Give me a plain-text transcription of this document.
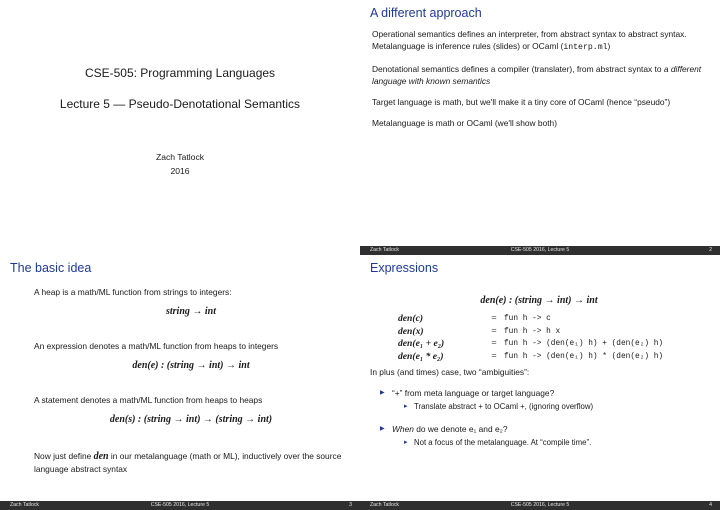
CSE-505: Programming Languages
Lecture 5 — Pseudo-Denotational Semantics
Zach Tatlock
2016
A different approach
Operational semantics defines an interpreter, from abstract syntax to abstract syntax. Metalanguage is inference rules (slides) or OCaml (interp.ml)
Denotational semantics defines a compiler (translater), from abstract syntax to a different language with known semantics
Target language is math, but we'll make it a tiny core of OCaml (hence “pseudo”)
Metalanguage is math or OCaml (we'll show both)
Zach Tatlock	CSE-505 2016, Lecture 5	2
The basic idea
A heap is a math/ML function from strings to integers:
string → int
An expression denotes a math/ML function from heaps to integers
den(e) : (string → int) → int
A statement denotes a math/ML function from heaps to heaps
den(s) : (string → int) → (string → int)
Now just define den in our metalanguage (math or ML), inductively over the source language abstract syntax
Zach Tatlock	CSE-505 2016, Lecture 5	3
Expressions
den(e) : (string → int) → int
den(c)	=	fun h -> c
den(x)	=	fun h -> h x
den(e₁ + e₂)	=	fun h -> (den(e₁) h) + (den(e₂) h)
den(e₁ * e₂)	=	fun h -> (den(e₁) h) * (den(e₂) h)
In plus (and times) case, two “ambiguities”:
▶ “+” from meta language or target language?
▸ Translate abstract + to OCaml +, (ignoring overflow)
▶ When do we denote e₁ and e₂?
▸ Not a focus of the metalanguage. At “compile time”.
Zach Tatlock	CSE-505 2016, Lecture 5	4
